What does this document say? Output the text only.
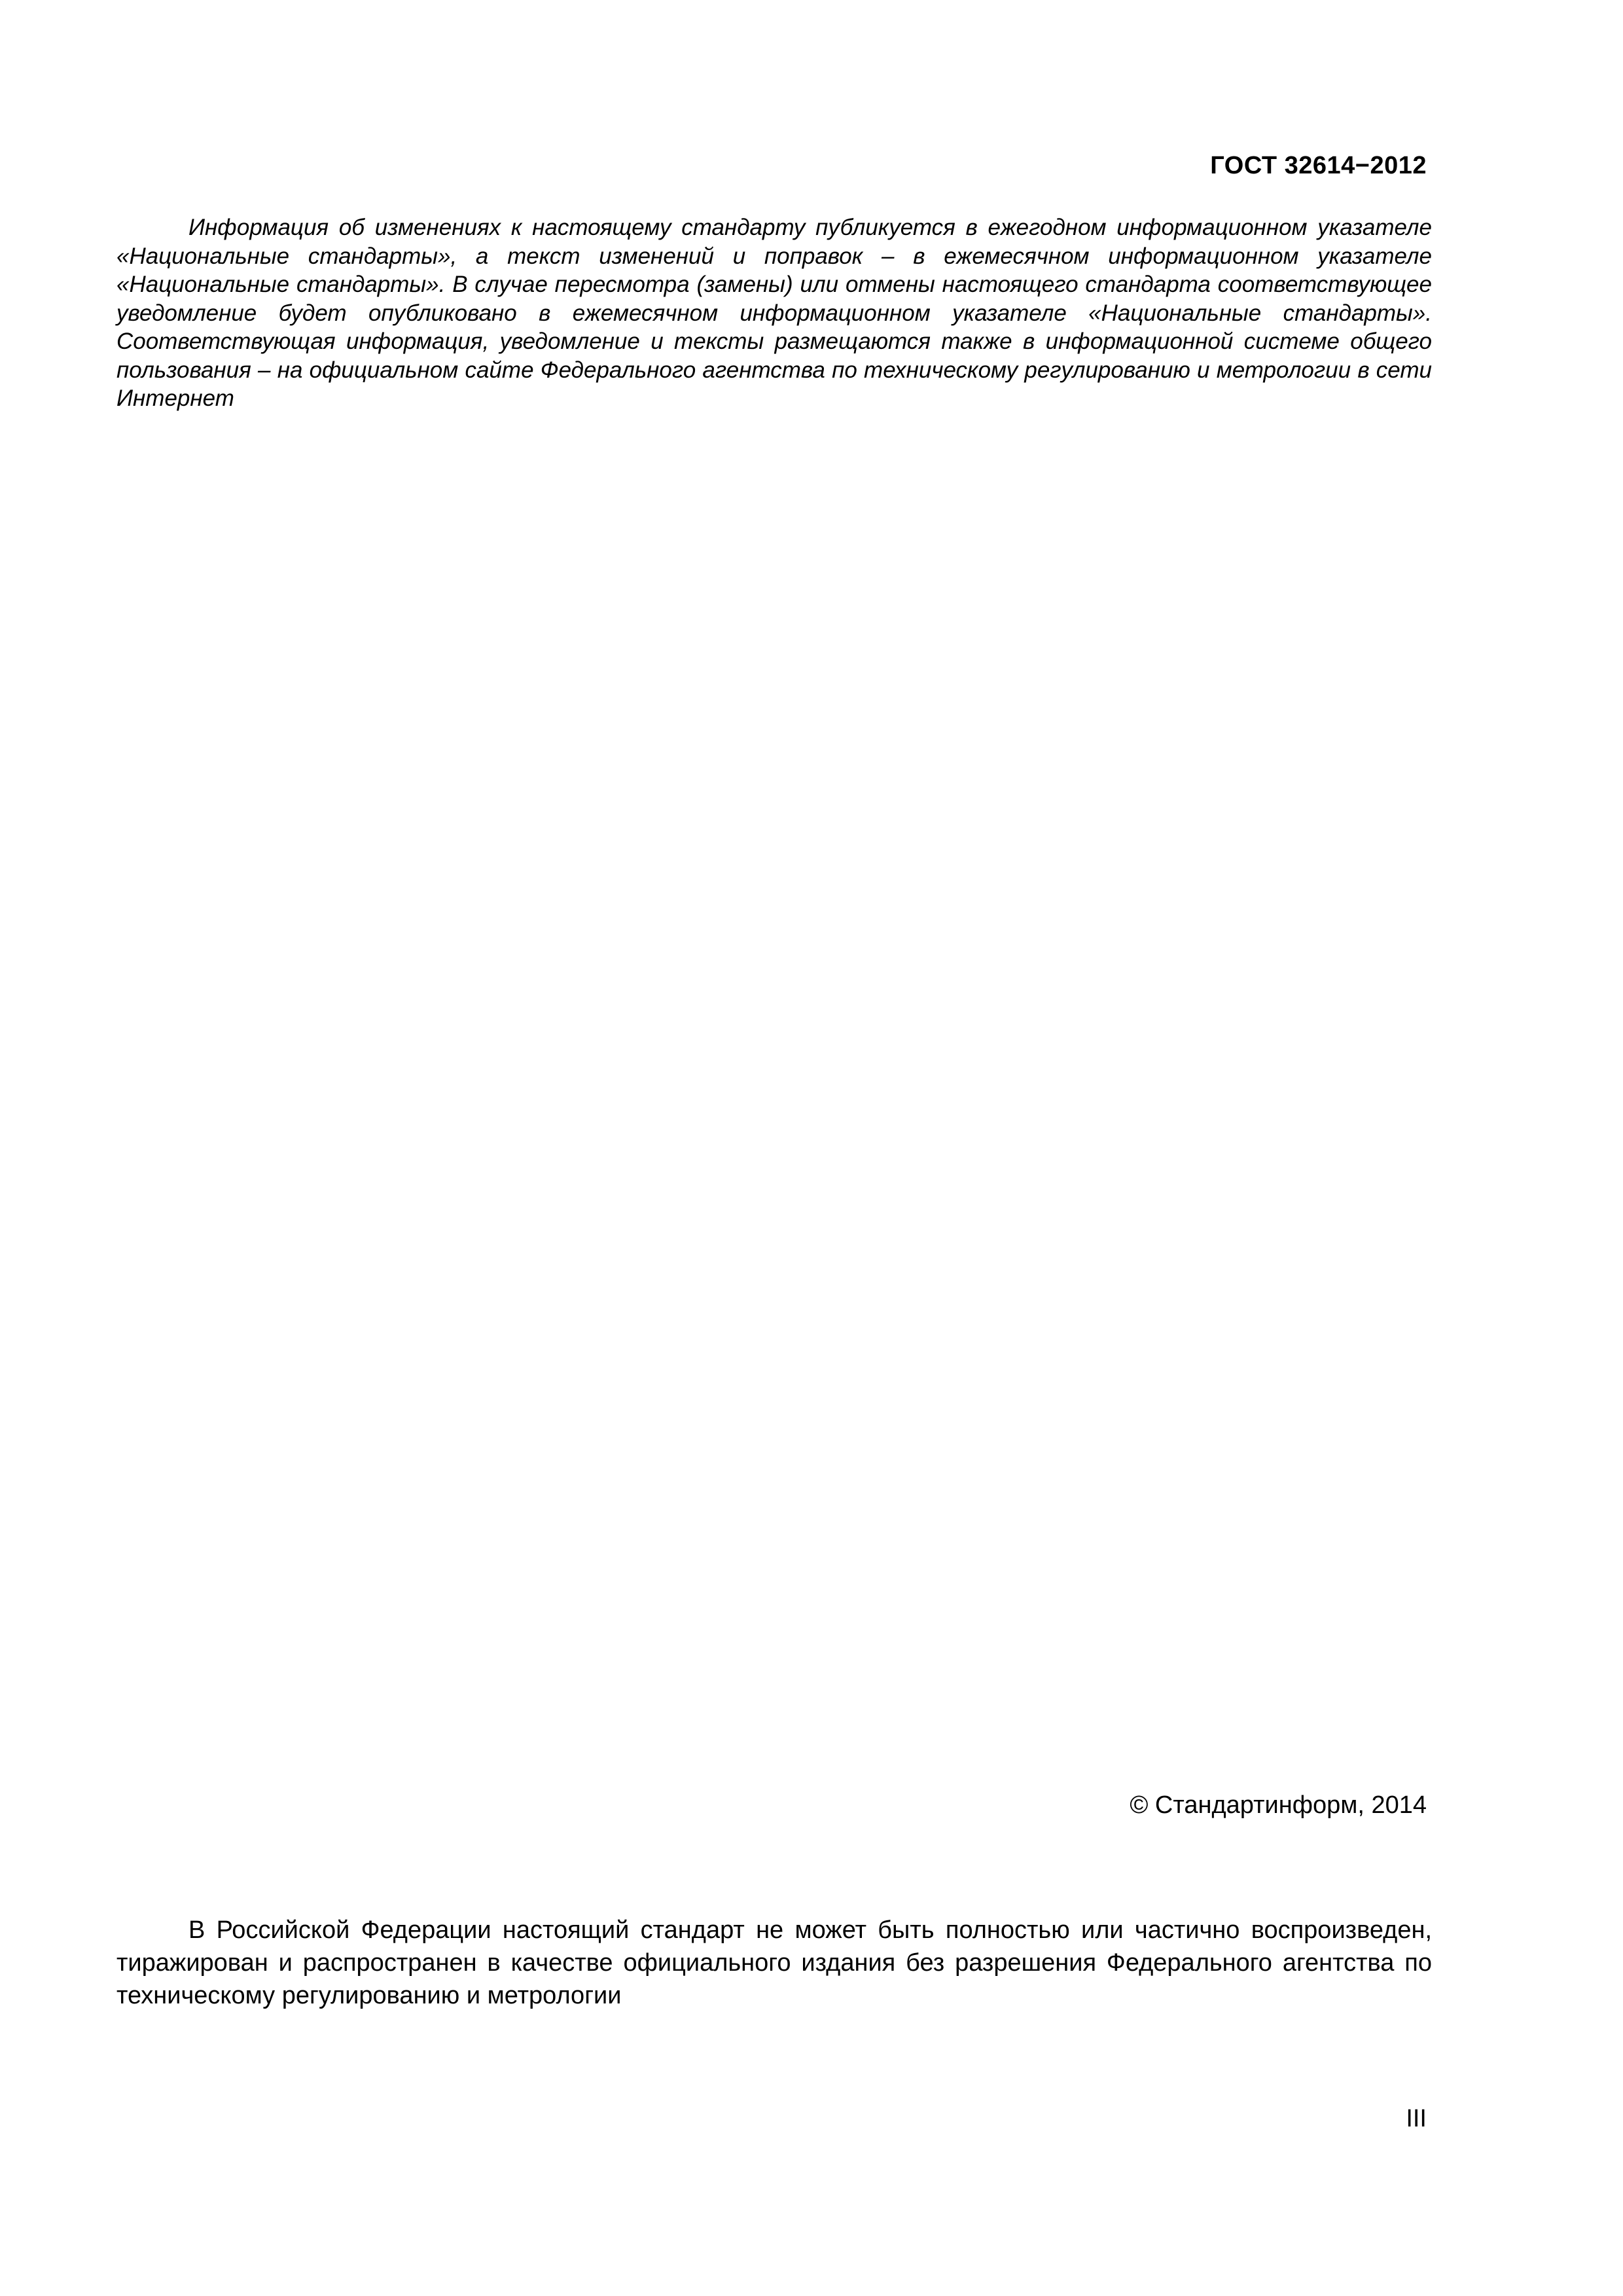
ГОСТ 32614−2012

Информация об изменениях к настоящему стандарту публикуется в ежегодном информационном указателе «Национальные стандарты», а текст изменений и поправок – в ежемесячном информационном указателе «Национальные стандарты». В случае пересмотра (замены) или отмены настоящего стандарта соответствующее уведомление будет опубликовано в ежемесячном информационном указателе «Национальные стандарты». Соответствующая информация, уведомление и тексты размещаются также в информационной системе общего пользования – на официальном сайте Федерального агентства по техническому регулированию и метрологии в сети Интернет

© Стандартинформ, 2014

В Российской Федерации настоящий стандарт не может быть полностью или частично воспроизведен, тиражирован и распространен в качестве официального издания без разрешения Федерального агентства по техническому регулированию и метрологии

III
